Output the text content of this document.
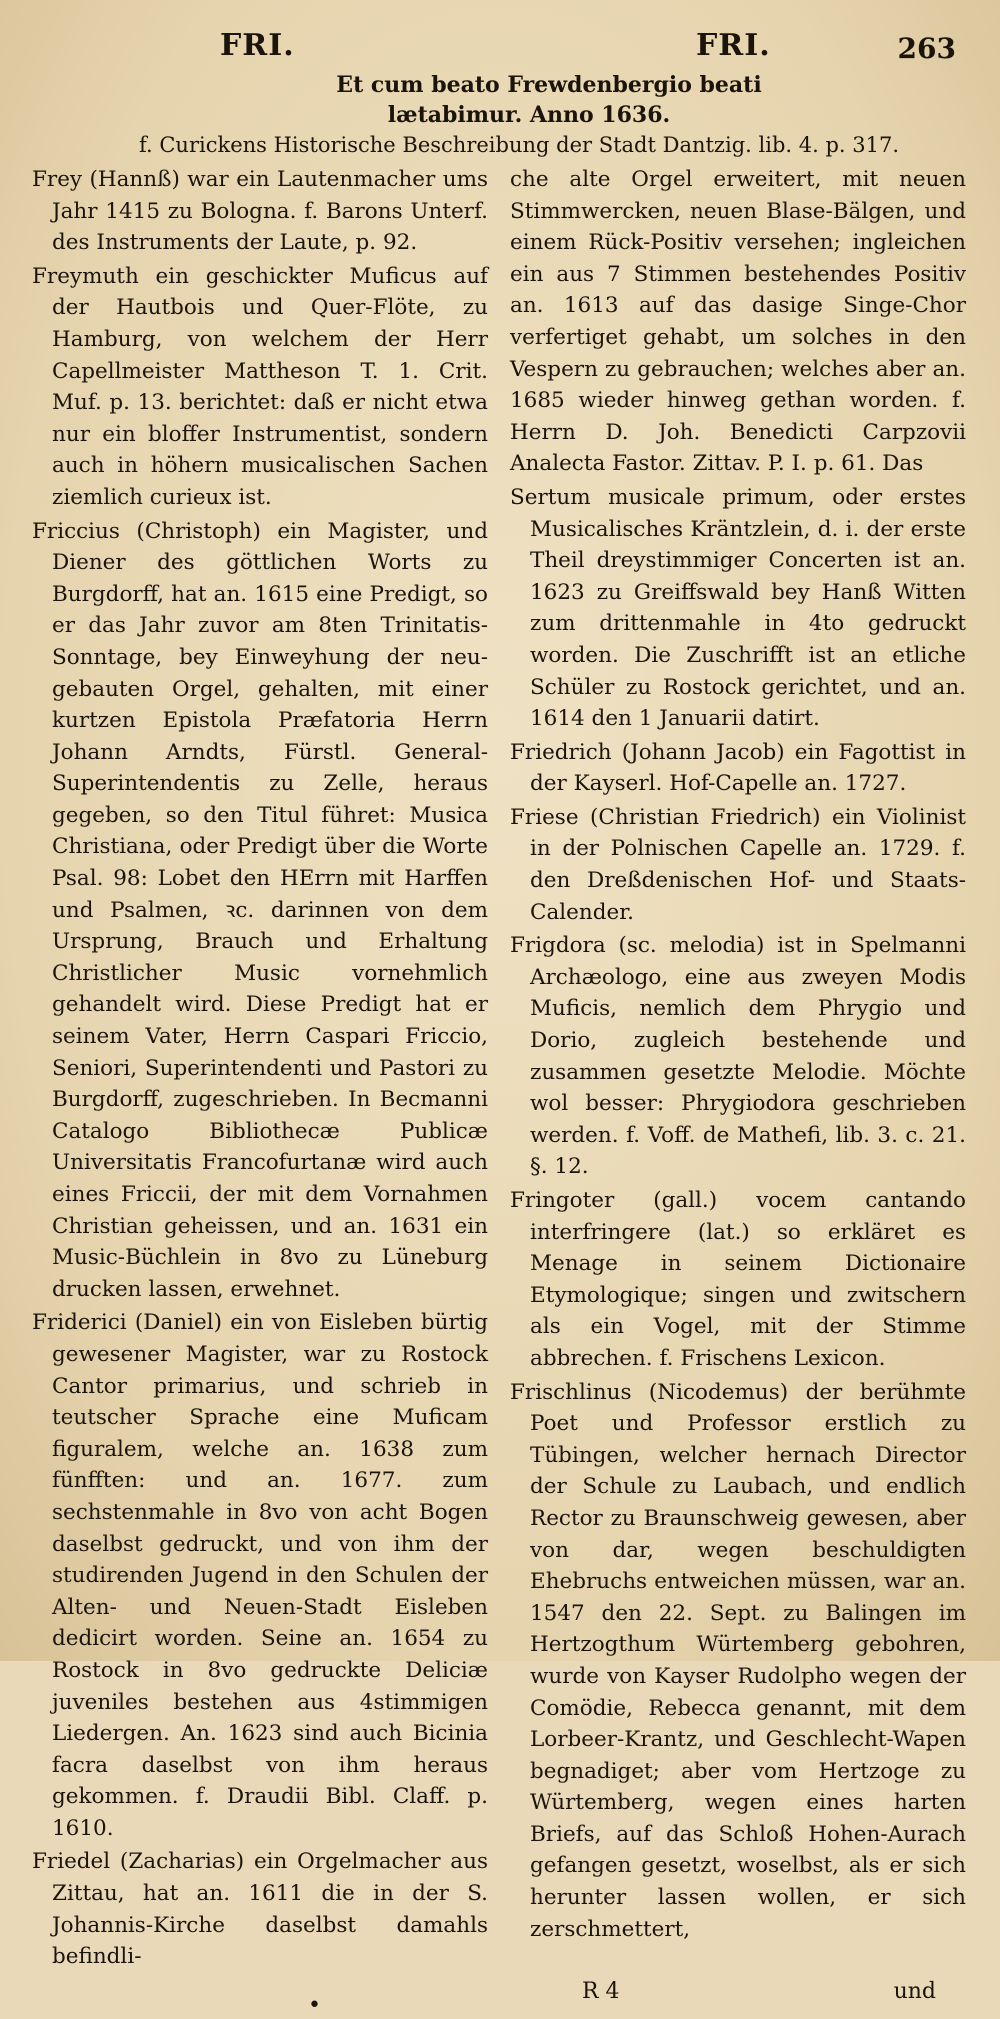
FRI.	FRI.	263
Et cum beato Frewdenbergio beati
lætabimur. Anno 1636.
f. Curickens Historische Beschreibung der Stadt Dantzig. lib. 4. p. 317.

Frey (Hannß) war ein Lautenmacher ums Jahr 1415 zu Bologna. f. Barons Unterf. des Instruments der Laute, p. 92.

Freymuth ein geschickter Muficus auf der Hautbois und Quer-Flöte, zu Hamburg, von welchem der Herr Capellmeister Mattheson T. 1. Crit. Muf. p. 13. berichtet: daß er nicht etwa nur ein bloffer Instrumentist, sondern auch in höhern musicalischen Sachen ziemlich curieux ist.

Friccius (Christoph) ein Magister, und Diener des göttlichen Worts zu Burgdorff, hat an. 1615 eine Predigt, so er das Jahr zuvor am 8ten Trinitatis-Sonntage, bey Einweyhung der neu-gebauten Orgel, gehalten, mit einer kurtzen Epistola Præfatoria Herrn Johann Arndts, Fürstl. General-Superintendentis zu Zelle, heraus gegeben, so den Titul führet: Musica Christiana, oder Predigt über die Worte Psal. 98: Lobet den HErrn mit Harffen und Psalmen, ꝛc. darinnen von dem Ursprung, Brauch und Erhaltung Christlicher Music vornehmlich gehandelt wird. Diese Predigt hat er seinem Vater, Herrn Caspari Friccio, Seniori, Superintendenti und Pastori zu Burgdorff, zugeschrieben. In Becmanni Catalogo Bibliothecæ Publicæ Universitatis Francofurtanæ wird auch eines Friccii, der mit dem Vornahmen Christian geheissen, und an. 1631 ein Music-Büchlein in 8vo zu Lüneburg drucken lassen, erwehnet.

Friderici (Daniel) ein von Eisleben bürtig gewesener Magister, war zu Rostock Cantor primarius, und schrieb in teutscher Sprache eine Muficam figuralem, welche an. 1638 zum fünfften: und an. 1677. zum sechstenmahle in 8vo von acht Bogen daselbst gedruckt, und von ihm der studirenden Jugend in den Schulen der Alten- und Neuen-Stadt Eisleben dedicirt worden. Seine an. 1654 zu Rostock in 8vo gedruckte Deliciæ juveniles bestehen aus 4stimmigen Liedergen. An. 1623 sind auch Bicinia facra daselbst von ihm heraus gekommen. f. Draudii Bibl. Claff. p. 1610.

Friedel (Zacharias) ein Orgelmacher aus Zittau, hat an. 1611 die in der S. Johannis-Kirche daselbst damahls befindli-

che alte Orgel erweitert, mit neuen Stimmwercken, neuen Blase-Bälgen, und einem Rück-Positiv versehen; ingleichen ein aus 7 Stimmen bestehendes Positiv an. 1613 auf das dasige Singe-Chor verfertiget gehabt, um solches in den Vespern zu gebrauchen; welches aber an. 1685 wieder hinweg gethan worden. f. Herrn D. Joh. Benedicti Carpzovii Analecta Fastor. Zittav. P. I. p. 61. Das

Sertum musicale primum, oder erstes Musicalisches Kräntzlein, d. i. der erste Theil dreystimmiger Concerten ist an. 1623 zu Greiffswald bey Hanß Witten zum drittenmahle in 4to gedruckt worden. Die Zuschrifft ist an etliche Schüler zu Rostock gerichtet, und an. 1614 den 1 Januarii datirt.

Friedrich (Johann Jacob) ein Fagottist in der Kayserl. Hof-Capelle an. 1727.

Friese (Christian Friedrich) ein Violinist in der Polnischen Capelle an. 1729. f. den Dreßdenischen Hof- und Staats-Calender.

Frigdora (sc. melodia) ist in Spelmanni Archæologo, eine aus zweyen Modis Muficis, nemlich dem Phrygio und Dorio, zugleich bestehende und zusammen gesetzte Melodie. Möchte wol besser: Phrygiodora geschrieben werden. f. Voff. de Mathefi, lib. 3. c. 21. §. 12.

Fringoter (gall.) vocem cantando interfringere (lat.) so erkläret es Menage in seinem Dictionaire Etymologique; singen und zwitschern als ein Vogel, mit der Stimme abbrechen. f. Frischens Lexicon.

Frischlinus (Nicodemus) der berühmte Poet und Professor erstlich zu Tübingen, welcher hernach Director der Schule zu Laubach, und endlich Rector zu Braunschweig gewesen, aber von dar, wegen beschuldigten Ehebruchs entweichen müssen, war an. 1547 den 22. Sept. zu Balingen im Hertzogthum Würtemberg gebohren, wurde von Kayser Rudolpho wegen der Comödie, Rebecca genannt, mit dem Lorbeer-Krantz, und Geschlecht-Wapen begnadiget; aber vom Hertzoge zu Würtemberg, wegen eines harten Briefs, auf das Schloß Hohen-Aurach gefangen gesetzt, woselbst, als er sich herunter lassen wollen, er sich zerschmettert,

•
R 4	und
